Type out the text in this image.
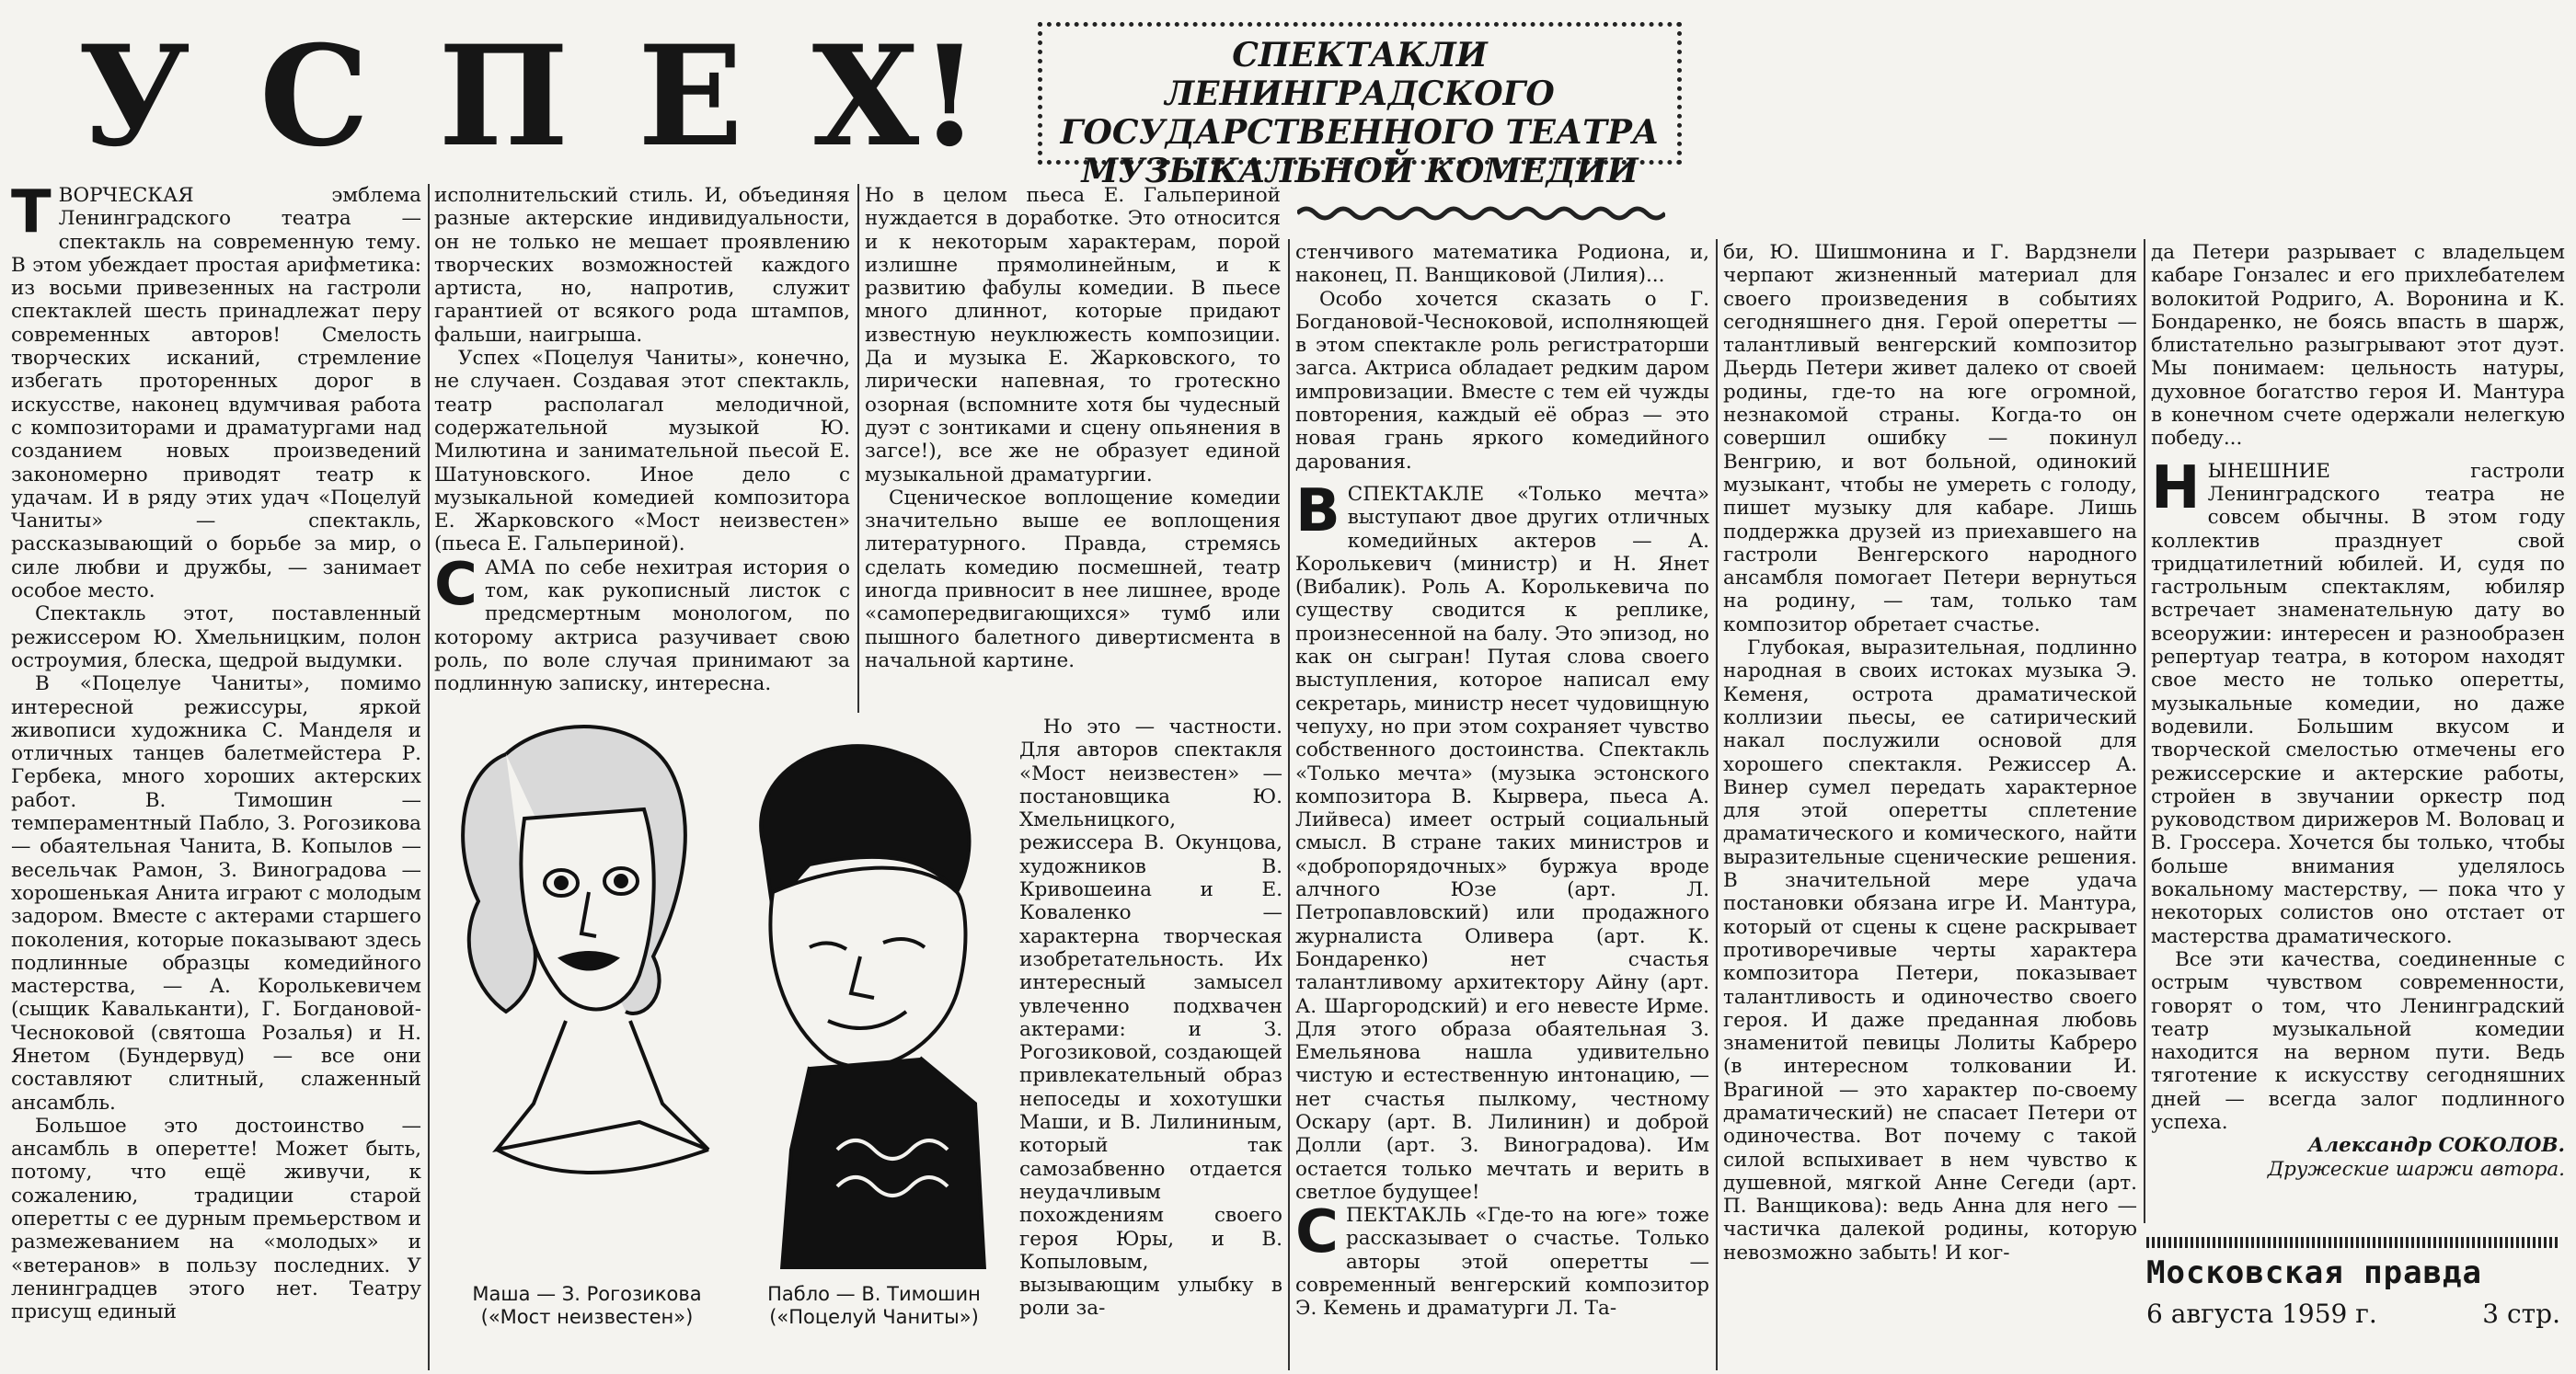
У С П Е Х!	СПЕКТАКЛИ ЛЕНИНГРАДСКОГО
ГОСУДАРСТВЕННОГО ТЕАТРА
МУЗЫКАЛЬНОЙ КОМЕДИИ

ТВОРЧЕСКАЯ эмблема Ленинградского театра — спектакль на современную тему. В этом убеждает простая арифметика: из восьми привезенных на гастроли спектаклей шесть принадлежат перу современных авторов! Смелость творческих исканий, стремление избегать проторенных дорог в искусстве, наконец вдумчивая работа с композиторами и драматургами над созданием новых произведений закономерно приводят театр к удачам. И в ряду этих удач «Поцелуй Чаниты» — спектакль, рассказывающий о борьбе за мир, о силе любви и дружбы, — занимает особое место.

Спектакль этот, поставленный режиссером Ю. Хмельницким, полон остроумия, блеска, щедрой выдумки.

В «Поцелуе Чаниты», помимо интересной режиссуры, яркой живописи художника С. Манделя и отличных танцев балетмейстера Р. Гербека, много хороших актерских работ. В. Тимошин — темпераментный Пабло, З. Рогозикова — обаятельная Чанита, В. Копылов — весельчак Рамон, З. Виноградова — хорошенькая Анита играют с молодым задором. Вместе с актерами старшего поколения, которые показывают здесь подлинные образцы комедийного мастерства, — А. Королькевичем (сыщик Кавальканти), Г. Богдановой-Чесноковой (святоша Розалья) и Н. Янетом (Бундервуд) — все они составляют слитный, слаженный ансамбль.

Большое это достоинство — ансамбль в оперетте! Может быть, потому, что ещё живучи, к сожалению, традиции старой оперетты с ее дурным премьерством и размежеванием на «молодых» и «ветеранов» в пользу последних. У ленинградцев этого нет. Театру присущ единый

исполнительский стиль. И, объединяя разные актерские индивидуальности, он не только не мешает проявлению творческих возможностей каждого артиста, но, напротив, служит гарантией от всякого рода штампов, фальши, наигрыша.

Успех «Поцелуя Чаниты», конечно, не случаен. Создавая этот спектакль, театр располагал мелодичной, содержательной музыкой Ю. Милютина и занимательной пьесой Е. Шатуновского. Иное дело с музыкальной комедией композитора Е. Жарковского «Мост неизвестен» (пьеса Е. Гальпериной).

САМА по себе нехитрая история о том, как рукописный листок с предсмертным монологом, по которому актриса разучивает свою роль, по воле случая принимают за подлинную записку, интересна.

Но в целом пьеса Е. Гальпериной нуждается в доработке. Это относится и к некоторым характерам, порой излишне прямолинейным, и к развитию фабулы комедии. В пьесе много длиннот, которые придают известную неуклюжесть композиции. Да и музыка Е. Жарковского, то лирически напевная, то гротескно озорная (вспомните хотя бы чудесный дуэт с зонтиками и сцену опьянения в загсе!), все же не образует единой музыкальной драматургии.

Сценическое воплощение комедии значительно выше ее воплощения литературного. Правда, стремясь сделать комедию посмешней, театр иногда привносит в нее лишнее, вроде «самопередвигающихся» тумб или пышного балетного дивертисмента в начальной картине.

Маша — З. Рогозикова
(«Мост неизвестен»)
Пабло — В. Тимошин
(«Поцелуй Чаниты»)

Но это — частности. Для авторов спектакля «Мост неизвестен» — постановщика Ю. Хмельницкого, режиссера В. Окунцова, художников В. Кривошеина и Е. Коваленко — характерна творческая изобретательность. Их интересный замысел увлеченно подхвачен актерами: и З. Рогозиковой, создающей привлекательный образ непоседы и хохотушки Маши, и В. Лилининым, который так самозабвенно отдается неудачливым похождениям своего героя Юры, и В. Копыловым, вызывающим улыбку в роли за-

стенчивого математика Родиона, и, наконец, П. Ванщиковой (Лилия)...

Особо хочется сказать о Г. Богдановой-Чесноковой, исполняющей в этом спектакле роль регистраторши загса. Актриса обладает редким даром импровизации. Вместе с тем ей чужды повторения, каждый её образ — это новая грань яркого комедийного дарования.

ВСПЕКТАКЛЕ «Только мечта» выступают двое других отличных комедийных актеров — А. Королькевич (министр) и Н. Янет (Вибалик). Роль А. Королькевича по существу сводится к реплике, произнесенной на балу. Это эпизод, но как он сыгран! Путая слова своего выступления, которое написал ему секретарь, министр несет чудовищную чепуху, но при этом сохраняет чувство собственного достоинства. Спектакль «Только мечта» (музыка эстонского композитора В. Кырвера, пьеса А. Лийвеса) имеет острый социальный смысл. В стране таких министров и «добропорядочных» буржуа вроде алчного Юзе (арт. Л. Петропавловский) или продажного журналиста Оливера (арт. К. Бондаренко) нет счастья талантливому архитектору Айну (арт. А. Шаргородский) и его невесте Ирме. Для этого образа обаятельная З. Емельянова нашла удивительно чистую и естественную интонацию, — нет счастья пылкому, честному Оскару (арт. В. Лилинин) и доброй Долли (арт. З. Виноградова). Им остается только мечтать и верить в светлое будущее!

СПЕКТАКЛЬ «Где-то на юге» тоже рассказывает о счастье. Только авторы этой оперетты — современный венгерский композитор Э. Кемень и драматурги Л. Та-

би, Ю. Шишмонина и Г. Вардзнели черпают жизненный материал для своего произведения в событиях сегодняшнего дня. Герой оперетты — талантливый венгерский композитор Дьердь Петери живет далеко от своей родины, где-то на юге огромной, незнакомой страны. Когда-то он совершил ошибку — покинул Венгрию, и вот больной, одинокий музыкант, чтобы не умереть с голоду, пишет музыку для кабаре. Лишь поддержка друзей из приехавшего на гастроли Венгерского народного ансамбля помогает Петери вернуться на родину, — там, только там композитор обретает счастье.

Глубокая, выразительная, подлинно народная в своих истоках музыка Э. Кеменя, острота драматической коллизии пьесы, ее сатирический накал послужили основой для хорошего спектакля. Режиссер А. Винер сумел передать характерное для этой оперетты сплетение драматического и комического, найти выразительные сценические решения. В значительной мере удача постановки обязана игре И. Мантура, который от сцены к сцене раскрывает противоречивые черты характера композитора Петери, показывает талантливость и одиночество своего героя. И даже преданная любовь знаменитой певицы Лолиты Кабреро (в интересном толковании И. Врагиной — это характер по-своему драматический) не спасает Петери от одиночества. Вот почему с такой силой вспыхивает в нем чувство к душевной, мягкой Анне Сегеди (арт. П. Ванщикова): ведь Анна для него — частичка далекой родины, которую невозможно забыть! И ког-

да Петери разрывает с владельцем кабаре Гонзалес и его прихлебателем волокитой Родриго, А. Воронина и К. Бондаренко, не боясь впасть в шарж, блистательно разыгрывают этот дуэт. Мы понимаем: цельность натуры, духовное богатство героя И. Мантура в конечном счете одержали нелегкую победу...

НЫНЕШНИЕ гастроли Ленинградского театра не совсем обычны. В этом году коллектив празднует свой тридцатилетний юбилей. И, судя по гастрольным спектаклям, юбиляр встречает знаменательную дату во всеоружии: интересен и разнообразен репертуар театра, в котором находят свое место не только оперетты, музыкальные комедии, но даже водевили. Большим вкусом и творческой смелостью отмечены его режиссерские и актерские работы, стройен в звучании оркестр под руководством дирижеров М. Воловац и В. Гроссера. Хочется бы только, чтобы больше внимания уделялось вокальному мастерству, — пока что у некоторых солистов оно отстает от мастерства драматического.

Все эти качества, соединенные с острым чувством современности, говорят о том, что Ленинградский театр музыкальной комедии находится на верном пути. Ведь тяготение к искусству сегодняшних дней — всегда залог подлинного успеха.

Александр СОКОЛОВ.

Дружеские шаржи автора.

Московская правда
6 августа 1959 г.	3 стр.
